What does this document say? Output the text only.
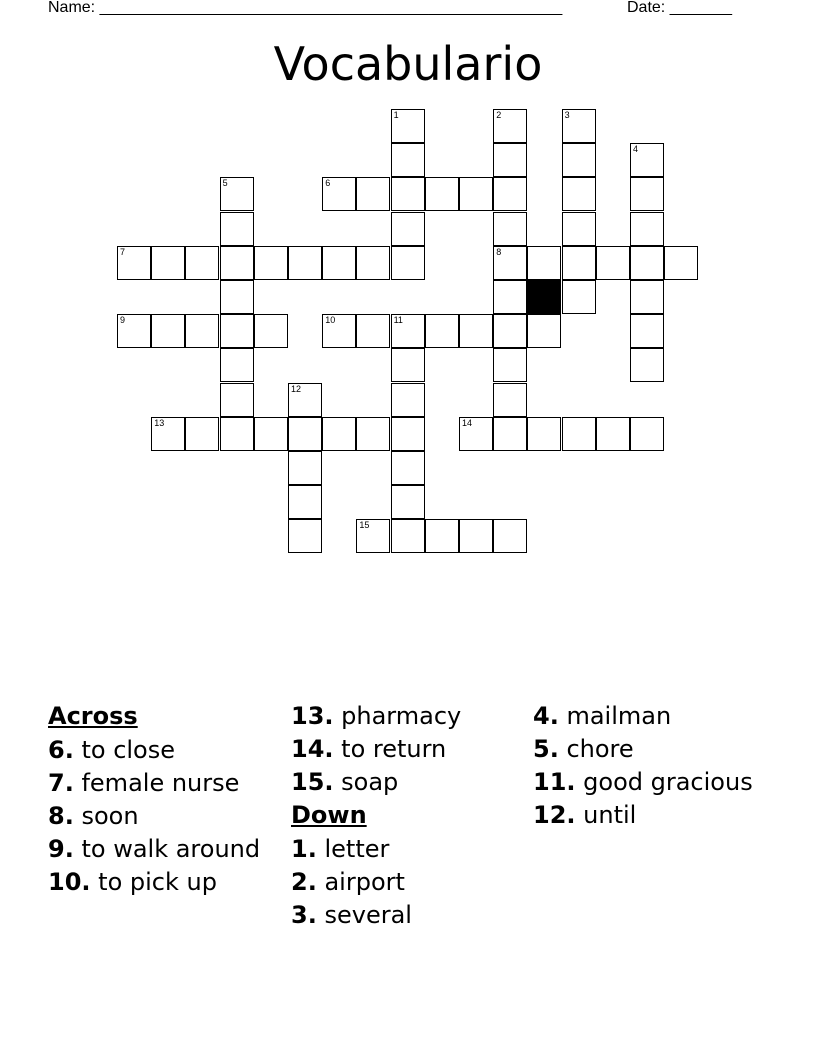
Name: ____________________________________________________	Date: _______
Vocabulario
1	2	3
4
5	6
7	8
9	10	11
12
13	14
15
Across
6. to close
7. female nurse
8. soon
9. to walk around
10. to pick up
13. pharmacy
14. to return
15. soap
Down
1. letter
2. airport
3. several
4. mailman
5. chore
11. good gracious
12. until
